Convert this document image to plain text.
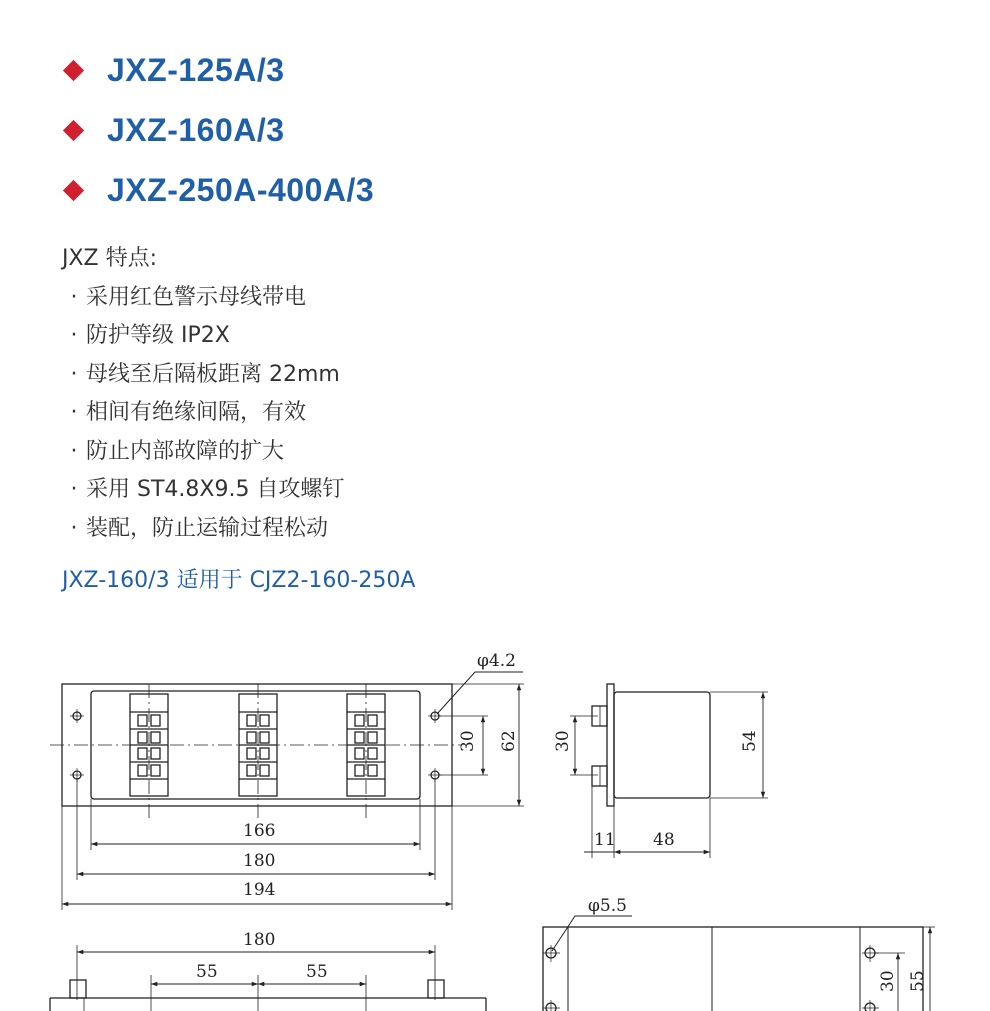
JXZ-125A/3
JXZ-160A/3
JXZ-250A-400A/3
JXZ 特点:
· 采用红色警示母线带电
· 防护等级 IP2X
· 母线至后隔板距离 22mm
· 相间有绝缘间隔，有效
· 防止内部故障的扩大
· 采用 ST4.8X9.5 自攻螺钉
· 装配，防止运输过程松动
JXZ-160/3 适用于 CJZ2-160-250A
φ4.2
30 62
166
180
194
30	54
11 48
180
55	55
φ5.5
30 55
